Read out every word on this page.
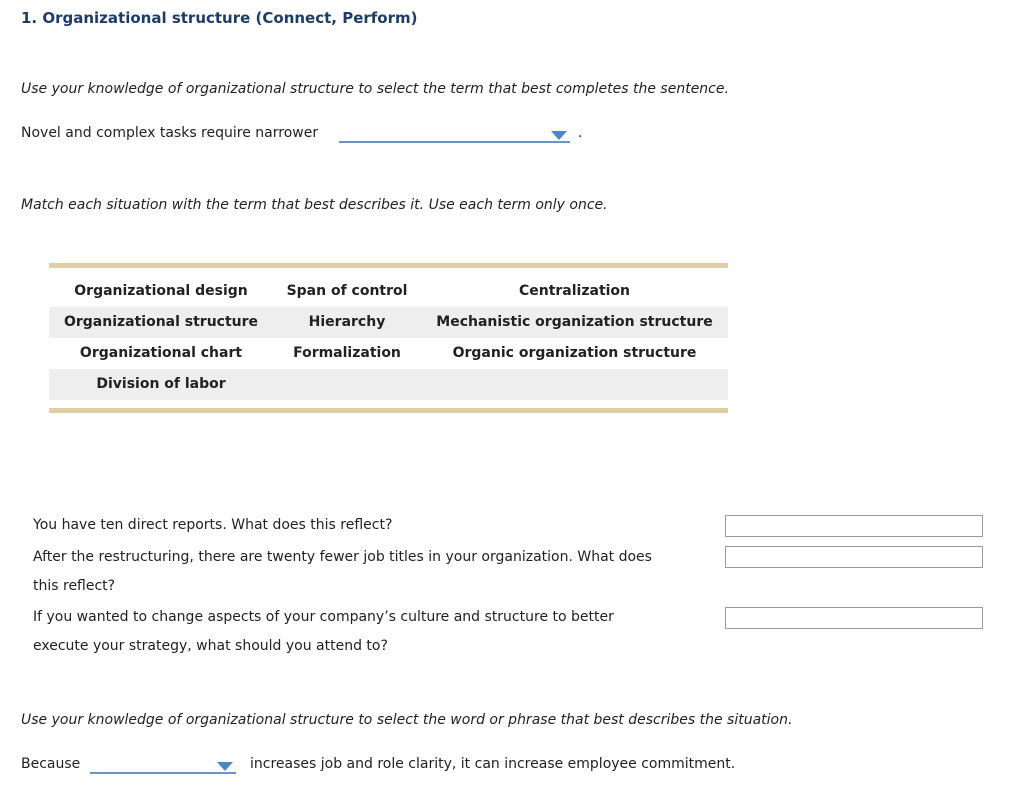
1. Organizational structure (Connect, Perform)
Use your knowledge of organizational structure to select the term that best completes the sentence.
Novel and complex tasks require narrower	.
Match each situation with the term that best describes it. Use each term only once.
Organizational design	Span of control	Centralization
Organizational structure	Hierarchy	Mechanistic organization structure
Organizational chart	Formalization	Organic organization structure
Division of labor
You have ten direct reports. What does this reflect?
After the restructuring, there are twenty fewer job titles in your organization. What does
this reflect?
If you wanted to change aspects of your company’s culture and structure to better
execute your strategy, what should you attend to?
Use your knowledge of organizational structure to select the word or phrase that best describes the situation.
Because	increases job and role clarity, it can increase employee commitment.
